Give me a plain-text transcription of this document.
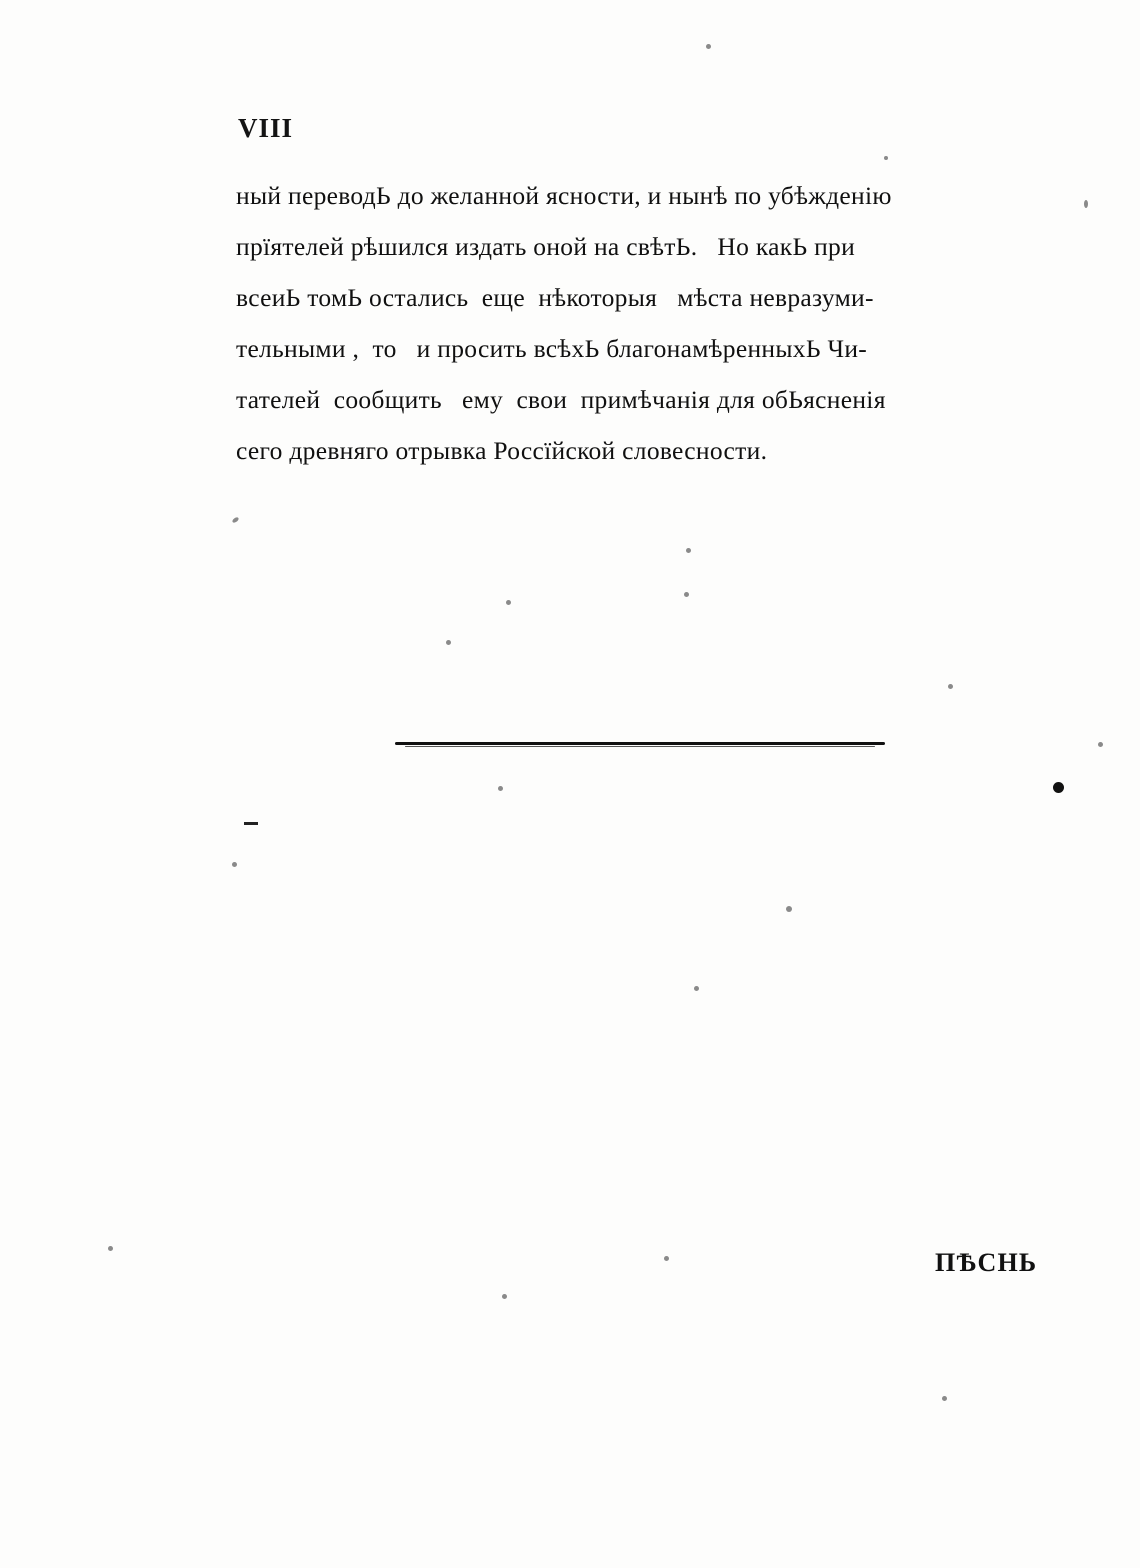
VIII
ный переводЬ до желанной ясности, и нынѣ по убѣжденію
прїятелей рѣшился издать оной на свѣтЬ.   Но какЬ при
всеиЬ томЬ остались  еще  нѣкоторыя   мѣста невразуми-
тельными ,  то   и просить всѣхЬ благонамѣренныхЬ Чи-
тателей  сообщить   ему  свои  примѣчанія для обЬясненія
сего древняго отрывка Россїйской словесности.
ПѢСНЬ
